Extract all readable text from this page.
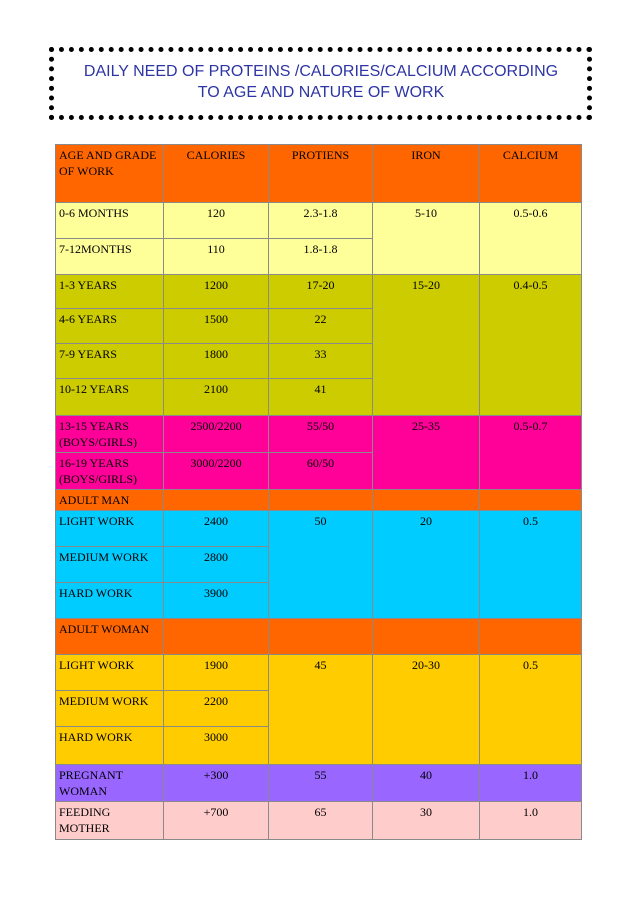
DAILY NEED OF PROTEINS /CALORIES/CALCIUM ACCORDING
TO AGE AND NATURE OF WORK
AGE AND GRADE OF WORK	CALORIES	PROTIENS	IRON	CALCIUM
0-6 MONTHS	120	2.3-1.8	5-10	0.5-0.6
7-12MONTHS	110	1.8-1.8		
1-3 YEARS	1200	17-20	15-20	0.4-0.5
4-6 YEARS	1500	22		
7-9 YEARS	1800	33		
10-12 YEARS	2100	41		
13-15 YEARS (BOYS/GIRLS)	2500/2200	55/50	25-35	0.5-0.7
16-19 YEARS (BOYS/GIRLS)	3000/2200	60/50		
ADULT MAN				
LIGHT WORK	2400	50	20	0.5
MEDIUM WORK	2800			
HARD WORK	3900			
ADULT WOMAN				
LIGHT WORK	1900	45	20-30	0.5
MEDIUM WORK	2200			
HARD WORK	3000			
PREGNANT WOMAN	+300	55	40	1.0
FEEDING MOTHER	+700	65	30	1.0
